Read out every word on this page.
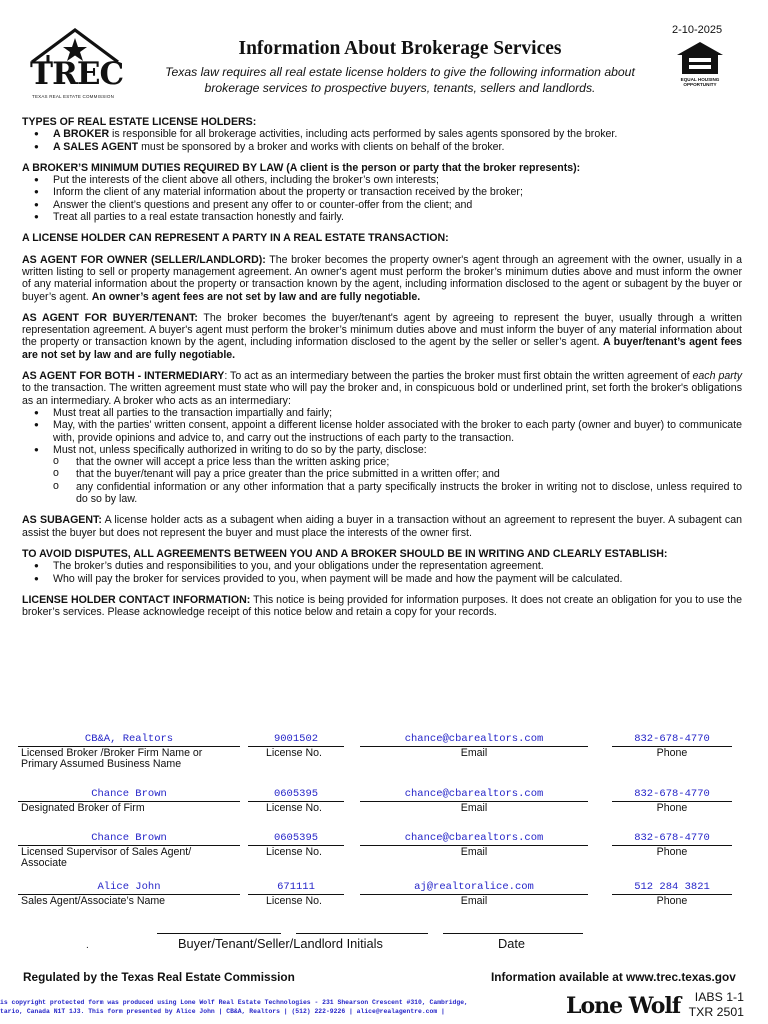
TREC
TEXAS REAL ESTATE COMMISSION
Information About Brokerage Services
Texas law requires all real estate license holders to give the following information about
brokerage services to prospective buyers, tenants, sellers and landlords.
2-10-2025
EQUAL HOUSING
OPPORTUNITY

TYPES OF REAL ESTATE LICENSE HOLDERS:

● A BROKER is responsible for all brokerage activities, including acts performed by sales agents sponsored by the broker.
● A SALES AGENT must be sponsored by a broker and works with clients on behalf of the broker.

A BROKER’S MINIMUM DUTIES REQUIRED BY LAW (A client is the person or party that the broker represents):

● Put the interests of the client above all others, including the broker’s own interests;
● Inform the client of any material information about the property or transaction received by the broker;
● Answer the client’s questions and present any offer to or counter-offer from the client; and
● Treat all parties to a real estate transaction honestly and fairly.

A LICENSE HOLDER CAN REPRESENT A PARTY IN A REAL ESTATE TRANSACTION:

AS AGENT FOR OWNER (SELLER/LANDLORD): The broker becomes the property owner's agent through an agreement with the owner, usually in a written listing to sell or property management agreement. An owner's agent must perform the broker’s minimum duties above and must inform the owner of any material information about the property or transaction known by the agent, including information disclosed to the agent or subagent by the buyer or buyer’s agent. An owner’s agent fees are not set by law and are fully negotiable.

AS AGENT FOR BUYER/TENANT: The broker becomes the buyer/tenant's agent by agreeing to represent the buyer, usually through a written representation agreement. A buyer's agent must perform the broker’s minimum duties above and must inform the buyer of any material information about the property or transaction known by the agent, including information disclosed to the agent by the seller or seller’s agent. A buyer/tenant’s agent fees are not set by law and are fully negotiable.

AS AGENT FOR BOTH - INTERMEDIARY: To act as an intermediary between the parties the broker must first obtain the written agreement of each party to the transaction. The written agreement must state who will pay the broker and, in conspicuous bold or underlined print, set forth the broker's obligations as an intermediary. A broker who acts as an intermediary:

● Must treat all parties to the transaction impartially and fairly;
● May, with the parties' written consent, appoint a different license holder associated with the broker to each party (owner and buyer) to communicate with, provide opinions and advice to, and carry out the instructions of each party to the transaction.
● Must not, unless specifically authorized in writing to do so by the party, disclose:
o that the owner will accept a price less than the written asking price;
o that the buyer/tenant will pay a price greater than the price submitted in a written offer; and
o any confidential information or any other information that a party specifically instructs the broker in writing not to disclose, unless required to do so by law.

AS SUBAGENT: A license holder acts as a subagent when aiding a buyer in a transaction without an agreement to represent the buyer. A subagent can assist the buyer but does not represent the buyer and must place the interests of the owner first.

TO AVOID DISPUTES, ALL AGREEMENTS BETWEEN YOU AND A BROKER SHOULD BE IN WRITING AND CLEARLY ESTABLISH:

● The broker’s duties and responsibilities to you, and your obligations under the representation agreement.
● Who will pay the broker for services provided to you, when payment will be made and how the payment will be calculated.

LICENSE HOLDER CONTACT INFORMATION: This notice is being provided for information purposes. It does not create an obligation for you to use the broker’s services. Please acknowledge receipt of this notice below and retain a copy for your records.

CB&A, Realtors	9001502	chance@cbarealtors.com	832-678-4770
Licensed Broker /Broker Firm Name or
Primary Assumed Business Name
License No.	Email	Phone
Chance Brown	0605395	chance@cbarealtors.com	832-678-4770
Designated Broker of Firm	License No.	Email	Phone
Chance Brown	0605395	chance@cbarealtors.com	832-678-4770
Licensed Supervisor of Sales Agent/
Associate
License No.	Email	Phone
Alice John	671111	aj@realtoralice.com	512 284 3821
Sales Agent/Associate’s Name	License No.	Email	Phone
.	Buyer/Tenant/Seller/Landlord Initials	Date
Regulated by the Texas Real Estate Commission	Information available at www.trec.texas.gov
is copyright protected form was produced using Lone Wolf Real Estate Technologies - 231 Shearson Crescent #310, Cambridge,
tario, Canada N1T 1J3. This form presented by Alice John | CB&A, Realtors | (512) 222-9226 | alice@realagentre.com |	Lone Wolf	IABS 1-1
TXR 2501
